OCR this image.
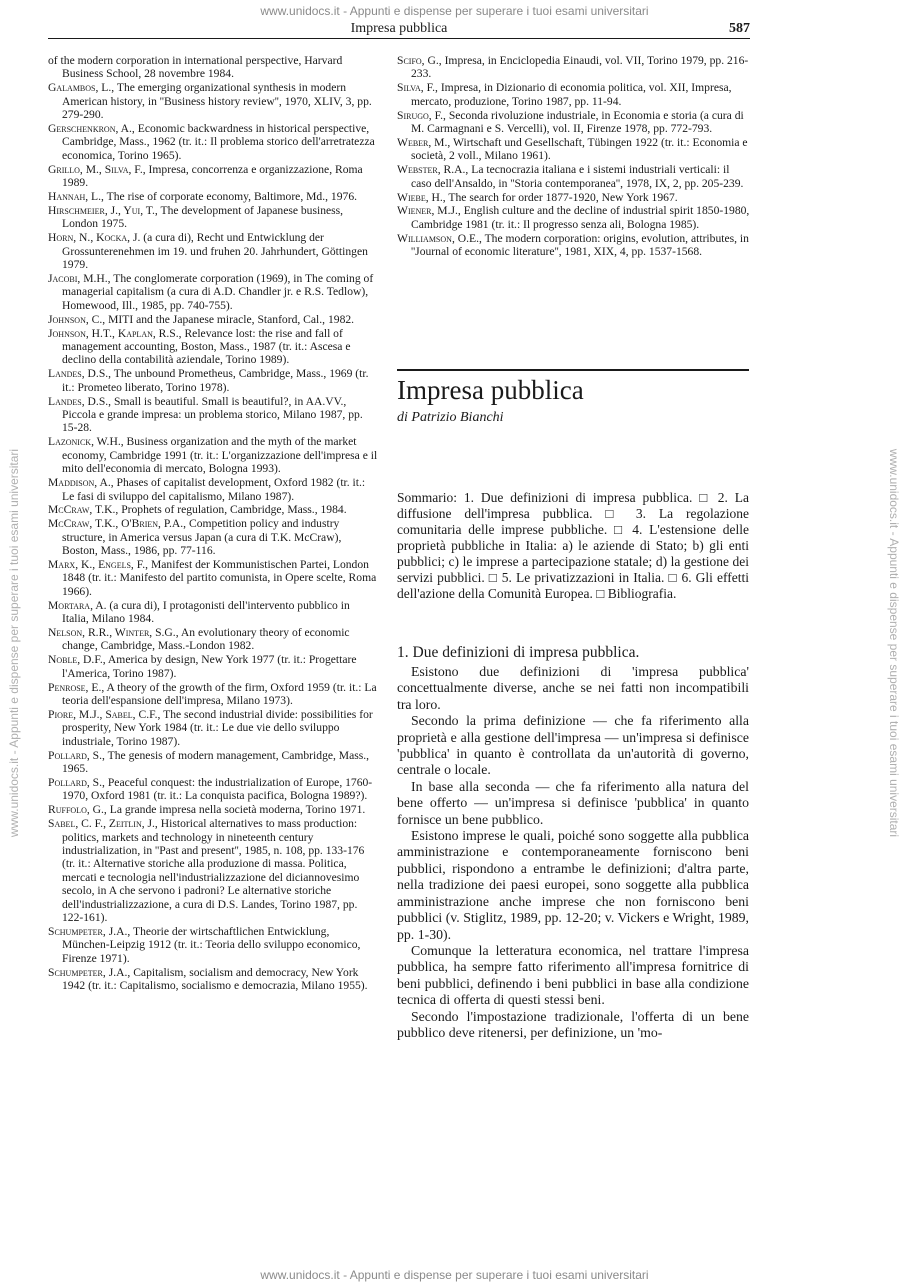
www.unidocs.it - Appunti e dispense per superare i tuoi esami universitari
www.unidocs.it - Appunti e dispense per superare i tuoi esami universitari	www.unidocs.it - Appunti e dispense per superare i tuoi esami universitari
Impresa pubblica	587
of the modern corporation in international perspective, Harvard Business School, 28 novembre 1984.
Galambos, L., The emerging organizational synthesis in modern American history, in ''Business history review'', 1970, XLIV, 3, pp. 279-290.
Gerschenkron, A., Economic backwardness in historical perspective, Cambridge, Mass., 1962 (tr. it.: Il problema storico dell'arretratezza economica, Torino 1965).
Grillo, M., Silva, F., Impresa, concorrenza e organizzazione, Roma 1989.
Hannah, L., The rise of corporate economy, Baltimore, Md., 1976.
Hirschmeier, J., Yui, T., The development of Japanese business, London 1975.
Horn, N., Kocka, J. (a cura di), Recht und Entwicklung der Grossunterenehmen im 19. und fruhen 20. Jahrhundert, Göttingen 1979.
Jacobi, M.H., The conglomerate corporation (1969), in The coming of managerial capitalism (a cura di A.D. Chandler jr. e R.S. Tedlow), Homewood, Ill., 1985, pp. 740-755).
Johnson, C., MITI and the Japanese miracle, Stanford, Cal., 1982.
Johnson, H.T., Kaplan, R.S., Relevance lost: the rise and fall of management accounting, Boston, Mass., 1987 (tr. it.: Ascesa e declino della contabilità aziendale, Torino 1989).
Landes, D.S., The unbound Prometheus, Cambridge, Mass., 1969 (tr. it.: Prometeo liberato, Torino 1978).
Landes, D.S., Small is beautiful. Small is beautiful?, in AA.VV., Piccola e grande impresa: un problema storico, Milano 1987, pp. 15-28.
Lazonick, W.H., Business organization and the myth of the market economy, Cambridge 1991 (tr. it.: L'organizzazione dell'impresa e il mito dell'economia di mercato, Bologna 1993).
Maddison, A., Phases of capitalist development, Oxford 1982 (tr. it.: Le fasi di sviluppo del capitalismo, Milano 1987).
McCraw, T.K., Prophets of regulation, Cambridge, Mass., 1984.
McCraw, T.K., O'Brien, P.A., Competition policy and industry structure, in America versus Japan (a cura di T.K. McCraw), Boston, Mass., 1986, pp. 77-116.
Marx, K., Engels, F., Manifest der Kommunistischen Partei, London 1848 (tr. it.: Manifesto del partito comunista, in Opere scelte, Roma 1966).
Mortara, A. (a cura di), I protagonisti dell'intervento pubblico in Italia, Milano 1984.
Nelson, R.R., Winter, S.G., An evolutionary theory of economic change, Cambridge, Mass.-London 1982.
Noble, D.F., America by design, New York 1977 (tr. it.: Progettare l'America, Torino 1987).
Penrose, E., A theory of the growth of the firm, Oxford 1959 (tr. it.: La teoria dell'espansione dell'impresa, Milano 1973).
Piore, M.J., Sabel, C.F., The second industrial divide: possibilities for prosperity, New York 1984 (tr. it.: Le due vie dello sviluppo industriale, Torino 1987).
Pollard, S., The genesis of modern management, Cambridge, Mass., 1965.
Pollard, S., Peaceful conquest: the industrialization of Europe, 1760-1970, Oxford 1981 (tr. it.: La conquista pacifica, Bologna 1989?).
Ruffolo, G., La grande impresa nella società moderna, Torino 1971.
Sabel, C. F., Zeitlin, J., Historical alternatives to mass production: politics, markets and technology in nineteenth century industrialization, in ''Past and present'', 1985, n. 108, pp. 133-176 (tr. it.: Alternative storiche alla produzione di massa. Politica, mercati e tecnologia nell'industrializzazione del diciannovesimo secolo, in A che servono i padroni? Le alternative storiche dell'industrializzazione, a cura di D.S. Landes, Torino 1987, pp. 122-161).
Schumpeter, J.A., Theorie der wirtschaftlichen Entwicklung, München-Leipzig 1912 (tr. it.: Teoria dello sviluppo economico, Firenze 1971).
Schumpeter, J.A., Capitalism, socialism and democracy, New York 1942 (tr. it.: Capitalismo, socialismo e democrazia, Milano 1955).
Scifo, G., Impresa, in Enciclopedia Einaudi, vol. VII, Torino 1979, pp. 216-233.
Silva, F., Impresa, in Dizionario di economia politica, vol. XII, Impresa, mercato, produzione, Torino 1987, pp. 11-94.
Sirugo, F., Seconda rivoluzione industriale, in Economia e storia (a cura di M. Carmagnani e S. Vercelli), vol. II, Firenze 1978, pp. 772-793.
Weber, M., Wirtschaft und Gesellschaft, Tübingen 1922 (tr. it.: Economia e società, 2 voll., Milano 1961).
Webster, R.A., La tecnocrazia italiana e i sistemi industriali verticali: il caso dell'Ansaldo, in ''Storia contemporanea'', 1978, IX, 2, pp. 205-239.
Wiebe, H., The search for order 1877-1920, New York 1967.
Wiener, M.J., English culture and the decline of industrial spirit 1850-1980, Cambridge 1981 (tr. it.: Il progresso senza ali, Bologna 1985).
Williamson, O.E., The modern corporation: origins, evolution, attributes, in ''Journal of economic literature'', 1981, XIX, 4, pp. 1537-1568.
Impresa pubblica
di Patrizio Bianchi
Sommario: 1. Due definizioni di impresa pubblica. □ 2. La diffusione dell'impresa pubblica. □ 3. La regolazione comunitaria delle imprese pubbliche. □ 4. L'estensione delle proprietà pubbliche in Italia: a) le aziende di Stato; b) gli enti pubblici; c) le imprese a partecipazione statale; d) la gestione dei servizi pubblici. □ 5. Le privatizzazioni in Italia. □ 6. Gli effetti dell'azione della Comunità Europea. □ Bibliografia.
1. Due definizioni di impresa pubblica.

Esistono due definizioni di 'impresa pubblica' concettualmente diverse, anche se nei fatti non incompatibili tra loro.

Secondo la prima definizione — che fa riferimento alla proprietà e alla gestione dell'impresa — un'impresa si definisce 'pubblica' in quanto è controllata da un'autorità di governo, centrale o locale.

In base alla seconda — che fa riferimento alla natura del bene offerto — un'impresa si definisce 'pubblica' in quanto fornisce un bene pubblico.

Esistono imprese le quali, poiché sono soggette alla pubblica amministrazione e contemporaneamente forniscono beni pubblici, rispondono a entrambe le definizioni; d'altra parte, nella tradizione dei paesi europei, sono soggette alla pubblica amministrazione anche imprese che non forniscono beni pubblici (v. Stiglitz, 1989, pp. 12-20; v. Vickers e Wright, 1989, pp. 1-30).

Comunque la letteratura economica, nel trattare l'impresa pubblica, ha sempre fatto riferimento all'impresa fornitrice di beni pubblici, definendo i beni pubblici in base alla condizione tecnica di offerta di questi stessi beni.

Secondo l'impostazione tradizionale, l'offerta di un bene pubblico deve ritenersi, per definizione, un 'mo-

www.unidocs.it - Appunti e dispense per superare i tuoi esami universitari
